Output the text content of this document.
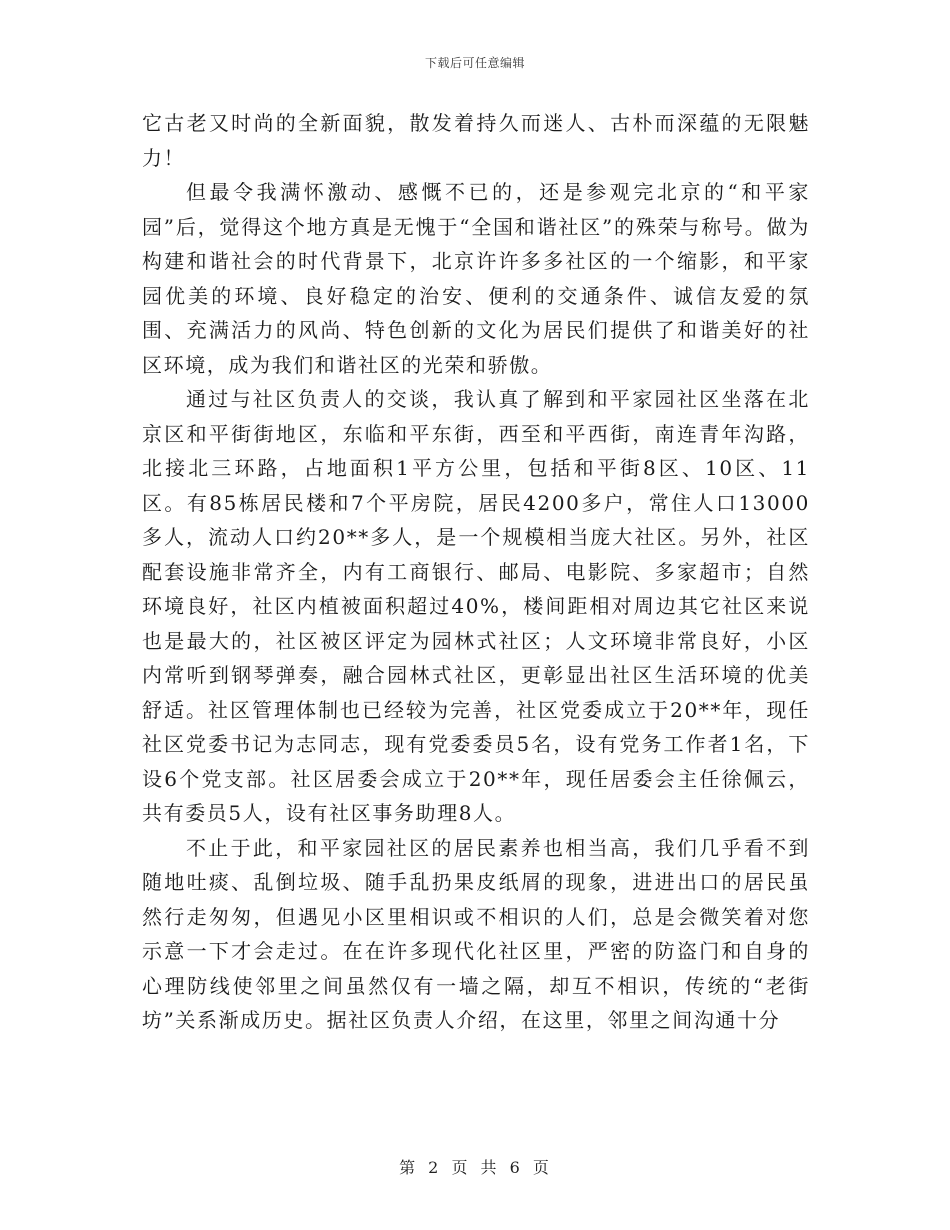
下载后可任意编辑

它古老又时尚的全新面貌，散发着持久而迷人、古朴而深蕴的无限魅力！

但最令我满怀激动、感慨不已的，还是参观完北京的“和平家园”后，觉得这个地方真是无愧于“全国和谐社区”的殊荣与称号。做为构建和谐社会的时代背景下，北京许许多多社区的一个缩影，和平家园优美的环境、良好稳定的治安、便利的交通条件、诚信友爱的氛围、充满活力的风尚、特色创新的文化为居民们提供了和谐美好的社区环境，成为我们和谐社区的光荣和骄傲。

通过与社区负责人的交谈，我认真了解到和平家园社区坐落在北京区和平街街地区，东临和平东街，西至和平西街，南连青年沟路，北接北三环路，占地面积1平方公里，包括和平街8区、10区、11区。有85栋居民楼和7个平房院，居民4200多户，常住人口13000多人，流动人口约20**多人，是一个规模相当庞大社区。另外，社区配套设施非常齐全，内有工商银行、邮局、电影院、多家超市；自然环境良好，社区内植被面积超过40%，楼间距相对周边其它社区来说也是最大的，社区被区评定为园林式社区；人文环境非常良好，小区内常听到钢琴弹奏，融合园林式社区，更彰显出社区生活环境的优美舒适。社区管理体制也已经较为完善，社区党委成立于20**年，现任社区党委书记为志同志，现有党委委员5名，设有党务工作者1名，下设6个党支部。社区居委会成立于20**年，现任居委会主任徐佩云，共有委员5人，设有社区事务助理8人。

不止于此，和平家园社区的居民素养也相当高，我们几乎看不到随地吐痰、乱倒垃圾、随手乱扔果皮纸屑的现象，进进出口的居民虽然行走匆匆，但遇见小区里相识或不相识的人们，总是会微笑着对您示意一下才会走过。在在许多现代化社区里，严密的防盗门和自身的心理防线使邻里之间虽然仅有一墙之隔，却互不相识，传统的“老街坊”关系渐成历史。据社区负责人介绍，在这里，邻里之间沟通十分

第 2 页 共 6 页
